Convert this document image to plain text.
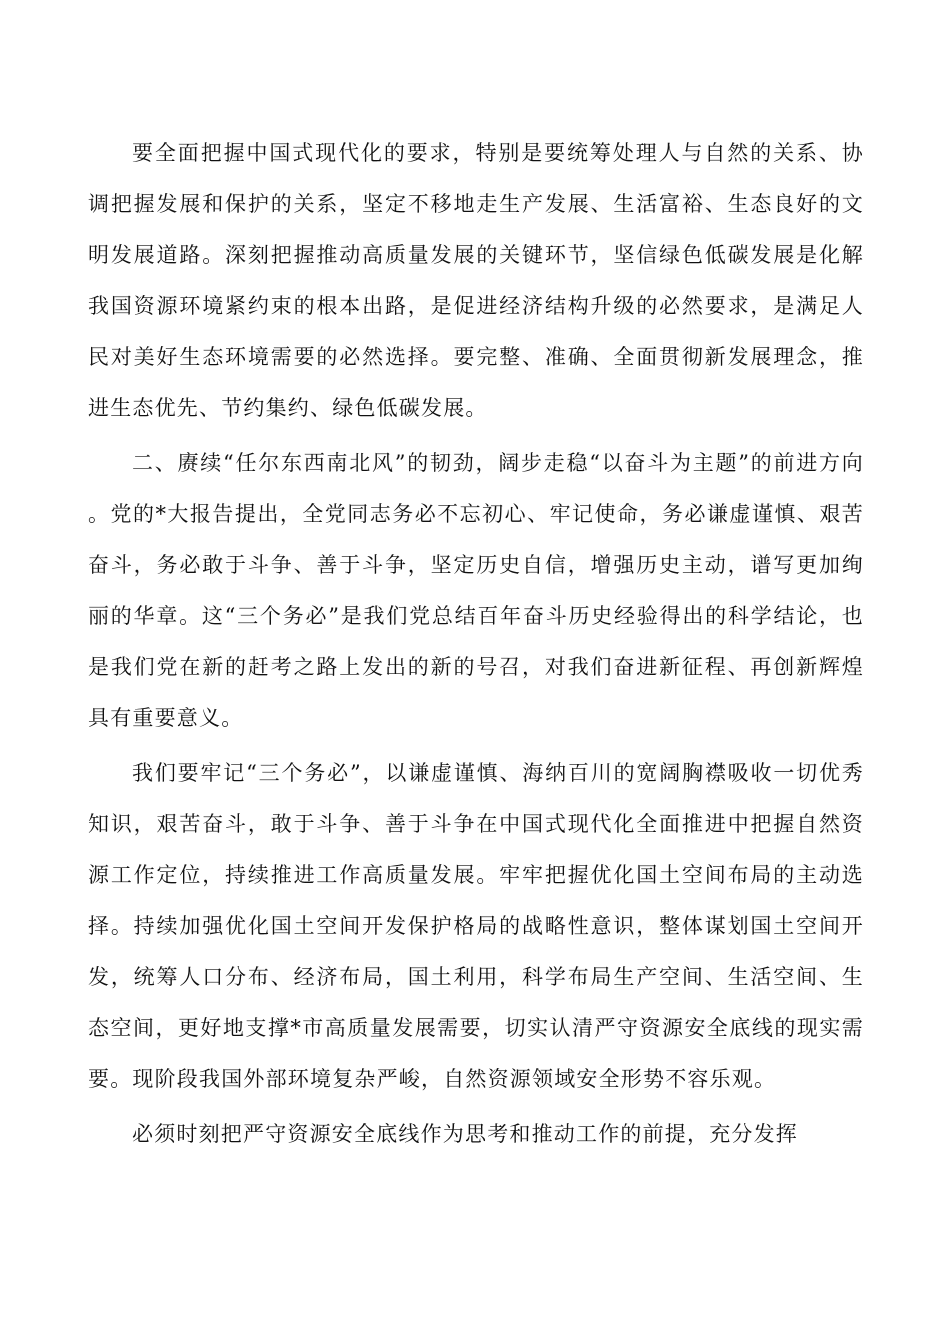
要全面把握中国式现代化的要求，特别是要统筹处理人与自然的关系、协调把握发展和保护的关系，坚定不移地走生产发展、生活富裕、生态良好的文明发展道路。深刻把握推动高质量发展的关键环节，坚信绿色低碳发展是化解我国资源环境紧约束的根本出路，是促进经济结构升级的必然要求，是满足人民对美好生态环境需要的必然选择。要完整、准确、全面贯彻新发展理念，推进生态优先、节约集约、绿色低碳发展。

二、赓续“任尔东西南北风”的韧劲，阔步走稳“以奋斗为主题”的前进方向。党的*大报告提出，全党同志务必不忘初心、牢记使命，务必谦虚谨慎、艰苦奋斗，务必敢于斗争、善于斗争，坚定历史自信，增强历史主动，谱写更加绚丽的华章。这“三个务必”是我们党总结百年奋斗历史经验得出的科学结论，也是我们党在新的赶考之路上发出的新的号召，对我们奋进新征程、再创新辉煌具有重要意义。

我们要牢记“三个务必”，以谦虚谨慎、海纳百川的宽阔胸襟吸收一切优秀知识，艰苦奋斗，敢于斗争、善于斗争在中国式现代化全面推进中把握自然资源工作定位，持续推进工作高质量发展。牢牢把握优化国土空间布局的主动选择。持续加强优化国土空间开发保护格局的战略性意识，整体谋划国土空间开发，统筹人口分布、经济布局，国土利用，科学布局生产空间、生活空间、生态空间，更好地支撑*市高质量发展需要，切实认清严守资源安全底线的现实需要。现阶段我国外部环境复杂严峻，自然资源领域安全形势不容乐观。

必须时刻把严守资源安全底线作为思考和推动工作的前提，充分发挥
